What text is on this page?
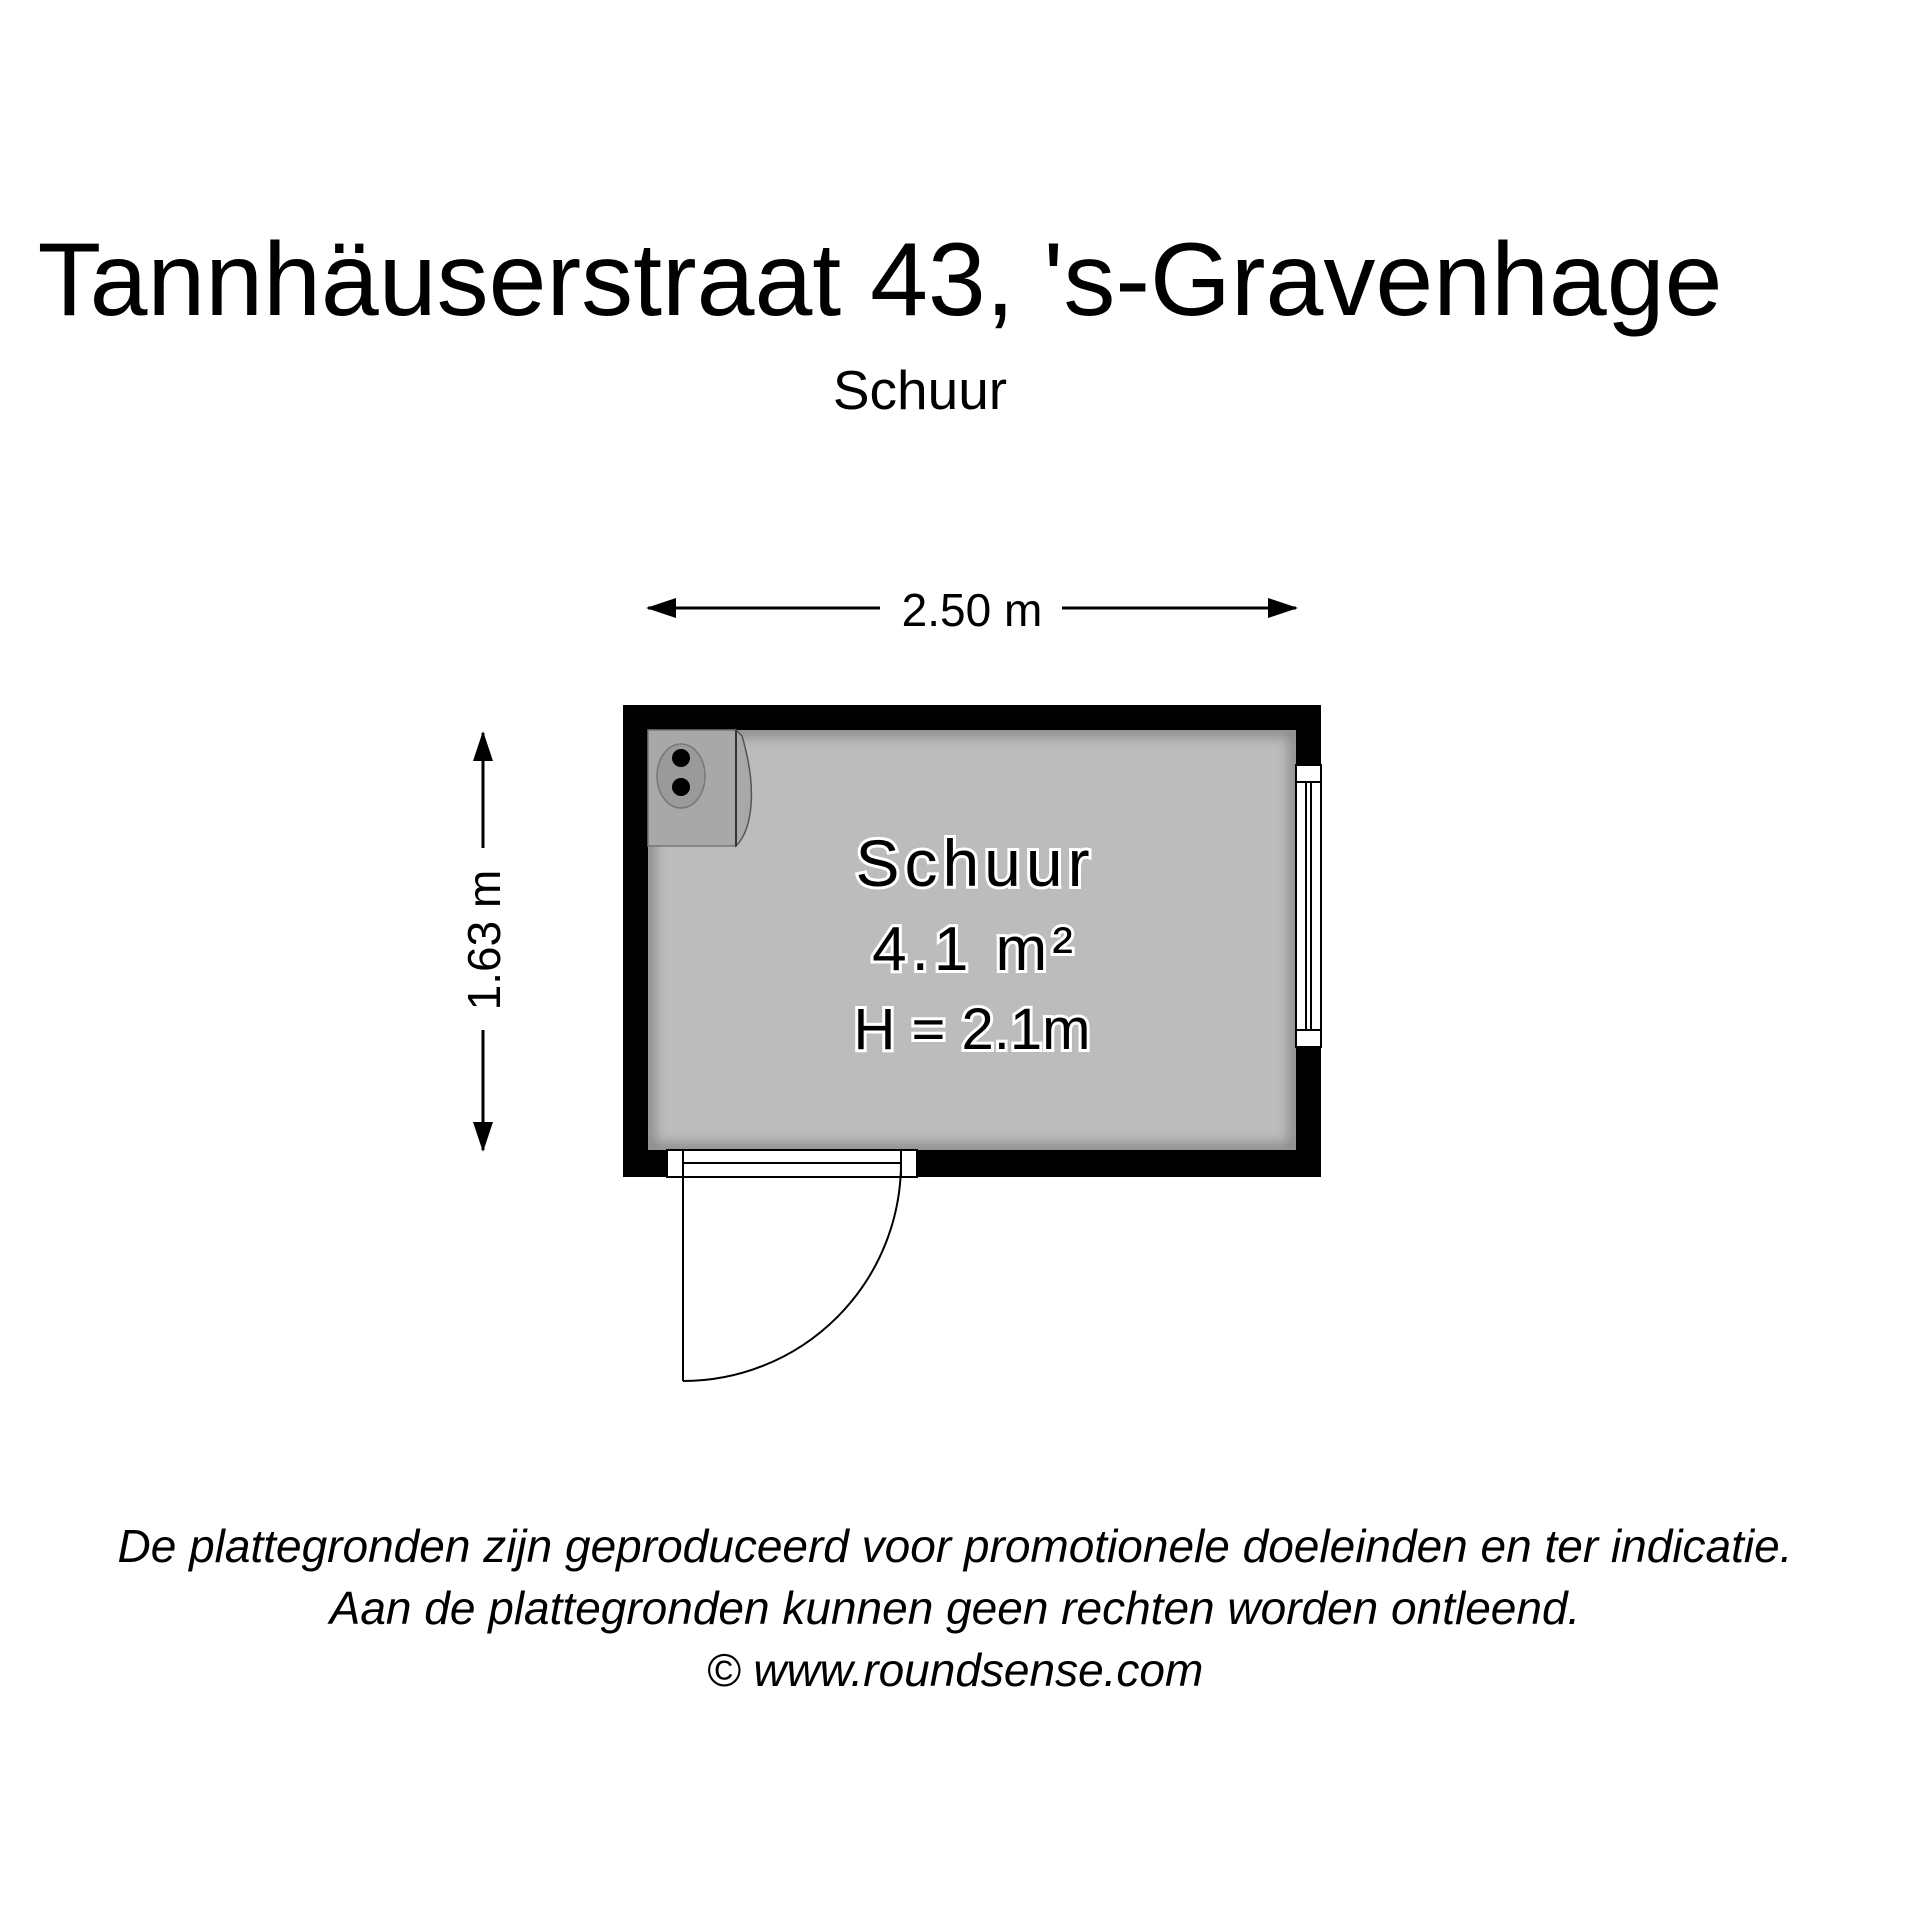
Tannhäuserstraat 43, 's-Gravenhage
Schuur
2.50 m
1.63 m
Schuur
4.1 m²
H = 2.1m
De plattegronden zijn geproduceerd voor promotionele doeleinden en ter indicatie.
Aan de plattegronden kunnen geen rechten worden ontleend.
© www.roundsense.com
